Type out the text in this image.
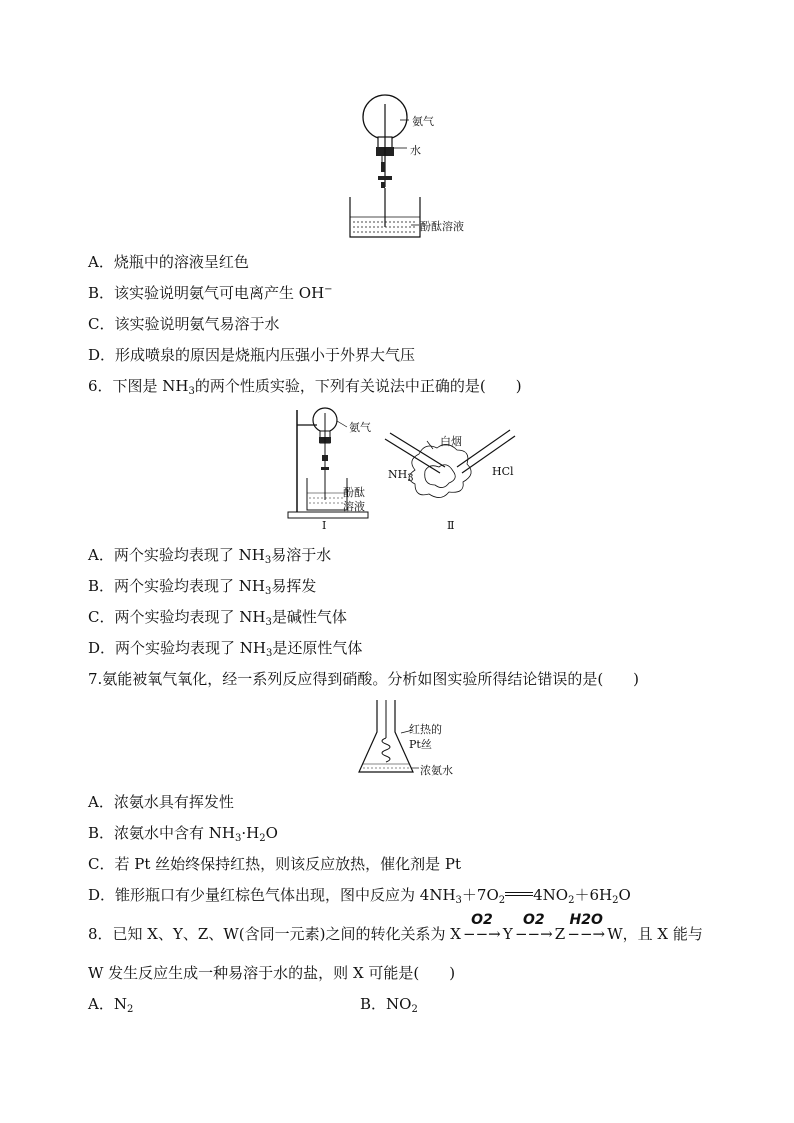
氨气
水
酚酞溶液
A．烧瓶中的溶液呈红色
B．该实验说明氨气可电离产生 OH−
C．该实验说明氨气易溶于水
D．形成喷泉的原因是烧瓶内压强小于外界大气压
6．下图是 $NH_3$的两个性质实验，下列有关说法中正确的是(　　)
氨气
酚酞
溶液
白烟
$NH_3$
HCl
Ⅰ	Ⅱ
A．两个实验均表现了 $NH_3$易溶于水
B．两个实验均表现了 $NH_3$易挥发
C．两个实验均表现了 $NH_3$是碱性气体
D．两个实验均表现了 $NH_3$是还原性气体
7.氨能被氧气氧化，经一系列反应得到硝酸。分析如图实验所得结论错误的是(　　)
红热的
Pt丝
浓氨水
A．浓氨水具有挥发性
B．浓氨水中含有 $NH_3\cdot H_2O$
C．若 Pt 丝始终保持红热，则该反应放热，催化剂是 Pt
D．锥形瓶口有少量红棕色气体出现，图中反应为 $4NH_3+7O_2$ $4NO_2+6H_2O$
8．已知 X、Y、Z、W(含同一元素)之间的转化关系为 X
O2
−−→ Y
O2
−−→ Z
H2O
−−→ W，且 X 能与
W 发生反应生成一种易溶于水的盐，则 X 可能是(　　)
A．$N_2$	B．$NO_2$
